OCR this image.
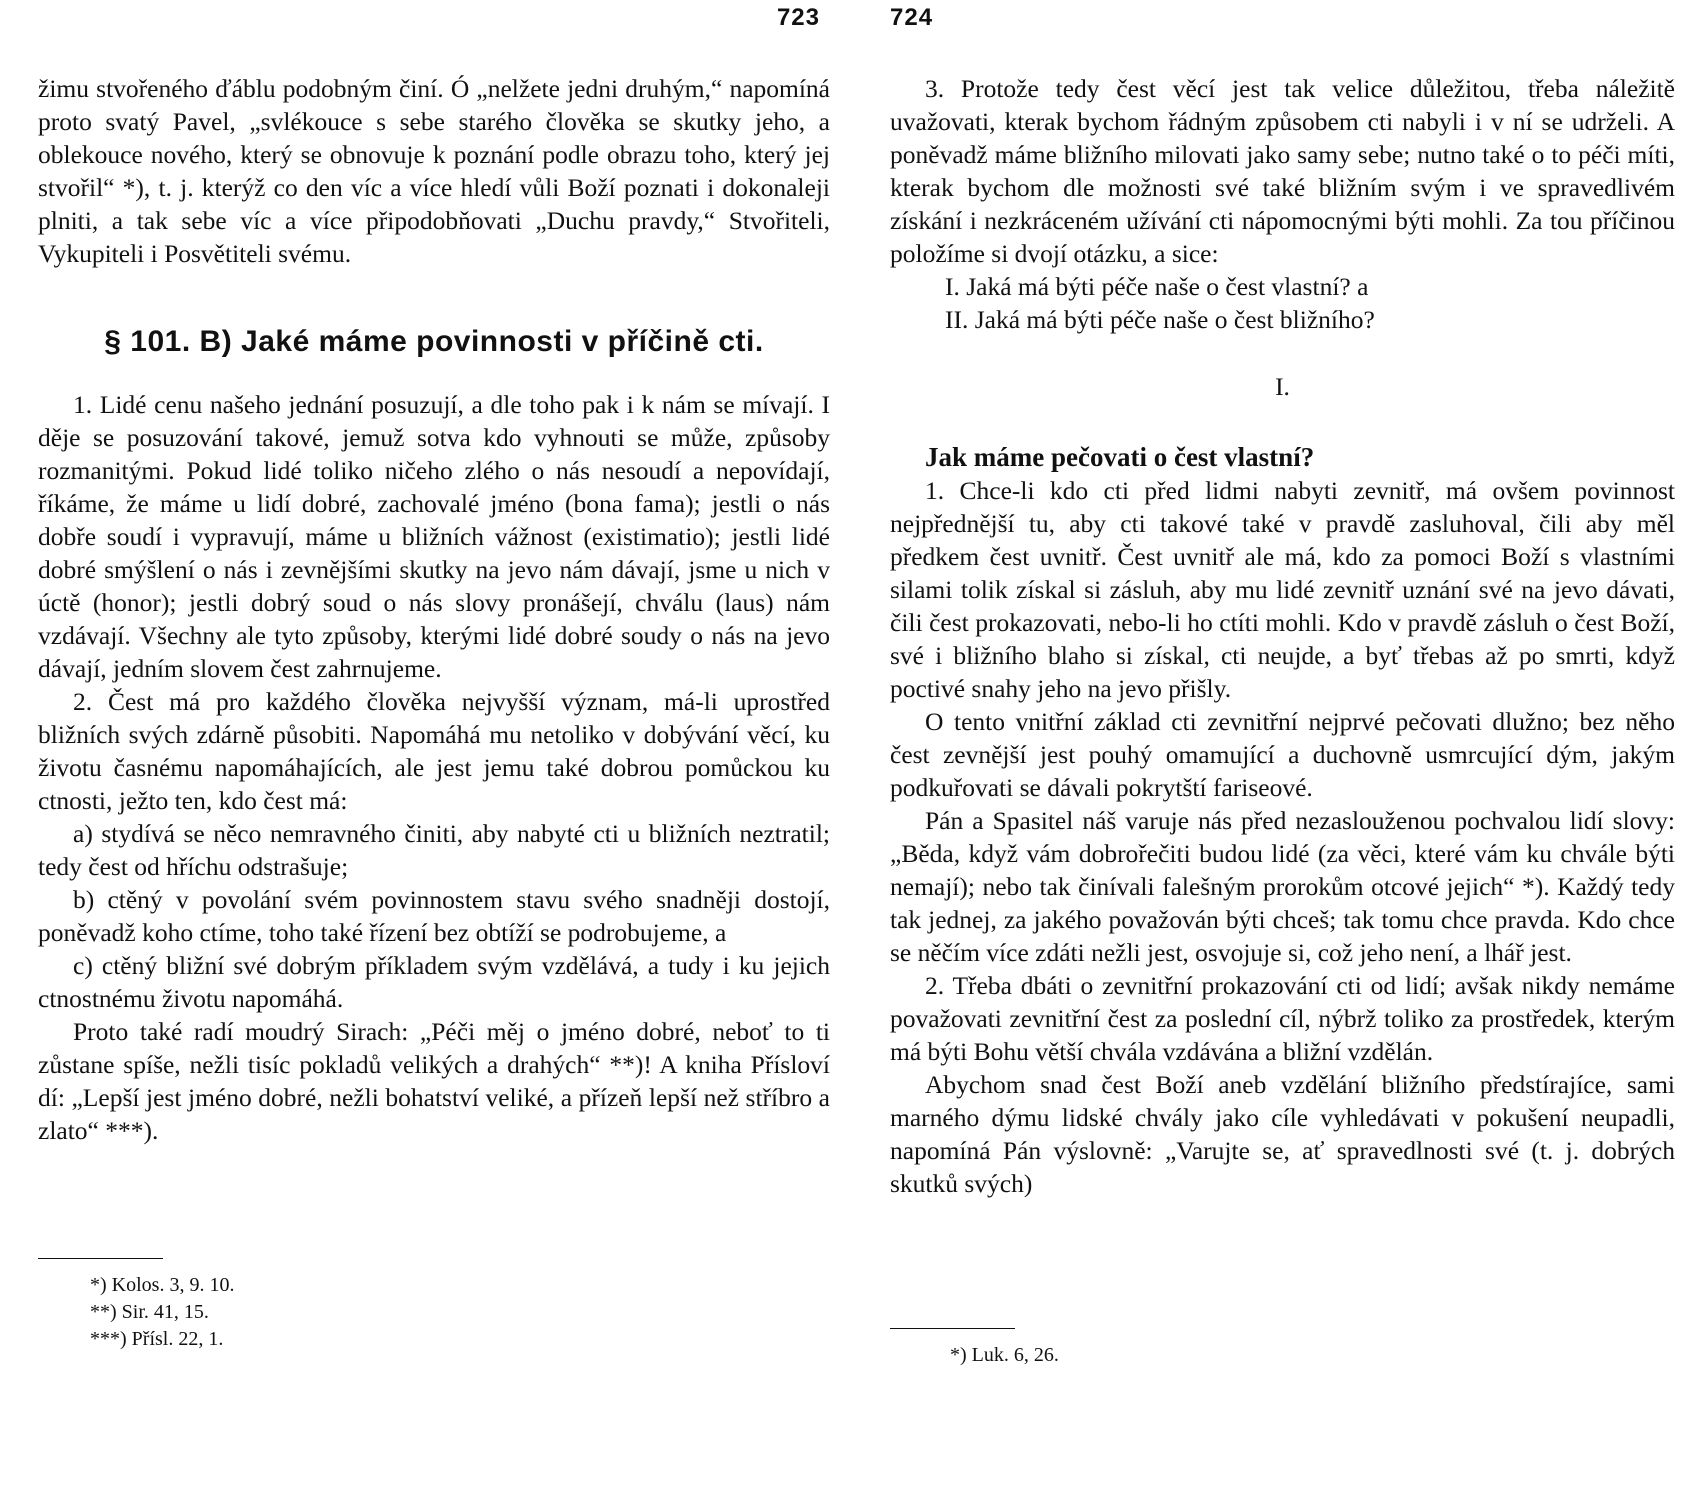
723

žimu stvořeného ďáblu podobným činí. Ó „nelžete jedni druhým,“ napomíná proto svatý Pavel, „svlékouce s sebe starého člověka se skutky jeho, a oblekouce nového, který se obnovuje k poznání podle obrazu toho, který jej stvořil“ *), t. j. kterýž co den víc a více hledí vůli Boží poznati i dokonaleji plniti, a tak sebe víc a více připodobňovati „Duchu pravdy,“ Stvořiteli, Vykupiteli i Posvětiteli svému.

§ 101. B) Jaké máme povinnosti v příčině cti.

1. Lidé cenu našeho jednání posuzují, a dle toho pak i k nám se mívají. I děje se posuzování takové, jemuž sotva kdo vyhnouti se může, způsoby rozmanitými. Pokud lidé toliko ničeho zlého o nás nesoudí a nepovídají, říkáme, že máme u lidí dobré, zachovalé jméno (bona fama); jestli o nás dobře soudí i vypravují, máme u bližních vážnost (existimatio); jestli lidé dobré smýšlení o nás i zevnějšími skutky na jevo nám dávají, jsme u nich v úctě (honor); jestli dobrý soud o nás slovy pronášejí, chválu (laus) nám vzdávají. Všechny ale tyto způsoby, kterými lidé dobré soudy o nás na jevo dávají, jedním slovem čest zahrnujeme.

2. Čest má pro každého člověka nejvyšší význam, má-li uprostřed bližních svých zdárně působiti. Napomáhá mu netoliko v dobývání věcí, ku životu časnému napomáhajících, ale jest jemu také dobrou pomůckou ku ctnosti, ježto ten, kdo čest má:

a) stydívá se něco nemravného činiti, aby nabyté cti u bližních neztratil; tedy čest od hříchu odstrašuje;

b) ctěný v povolání svém povinnostem stavu svého snadněji dostojí, poněvadž koho ctíme, toho také řízení bez obtíží se podrobujeme, a

c) ctěný bližní své dobrým příkladem svým vzdělává, a tudy i ku jejich ctnostnému životu napomáhá.

Proto také radí moudrý Sirach: „Péči měj o jméno dobré, neboť to ti zůstane spíše, nežli tisíc pokladů velikých a drahých“ **)! A kniha Přísloví dí: „Lepší jest jméno dobré, nežli bohatství veliké, a přízeň lepší než stříbro a zlato“ ***).

*) Kolos. 3, 9. 10.
**) Sir. 41, 15.
***) Přísl. 22, 1.
724

3. Protože tedy čest věcí jest tak velice důležitou, třeba náležitě uvažovati, kterak bychom řádným způsobem cti nabyli i v ní se udrželi. A poněvadž máme bližního milovati jako samy sebe; nutno také o to péči míti, kterak bychom dle možnosti své také bližním svým i ve spravedlivém získání i nezkráceném užívání cti nápomocnými býti mohli. Za tou příčinou položíme si dvojí otázku, a sice:

I. Jaká má býti péče naše o čest vlastní? a

II. Jaká má býti péče naše o čest bližního?

I.

Jak máme pečovati o čest vlastní?

1. Chce-li kdo cti před lidmi nabyti zevnitř, má ovšem povinnost nejpřednější tu, aby cti takové také v pravdě zasluhoval, čili aby měl předkem čest uvnitř. Čest uvnitř ale má, kdo za pomoci Boží s vlastními silami tolik získal si zásluh, aby mu lidé zevnitř uznání své na jevo dávati, čili čest prokazovati, nebo-li ho ctíti mohli. Kdo v pravdě zásluh o čest Boží, své i bližního blaho si získal, cti neujde, a byť třebas až po smrti, když poctivé snahy jeho na jevo přišly.

O tento vnitřní základ cti zevnitřní nejprvé pečovati dlužno; bez něho čest zevnější jest pouhý omamující a duchovně usmrcující dým, jakým podkuřovati se dávali pokrytští fariseové.

Pán a Spasitel náš varuje nás před nezaslouženou pochvalou lidí slovy: „Běda, když vám dobrořečiti budou lidé (za věci, které vám ku chvále býti nemají); nebo tak činívali falešným prorokům otcové jejich“ *). Každý tedy tak jednej, za jakého považován býti chceš; tak tomu chce pravda. Kdo chce se něčím více zdáti nežli jest, osvojuje si, což jeho není, a lhář jest.

2. Třeba dbáti o zevnitřní prokazování cti od lidí; avšak nikdy nemáme považovati zevnitřní čest za poslední cíl, nýbrž toliko za prostředek, kterým má býti Bohu větší chvála vzdávána a bližní vzdělán.

Abychom snad čest Boží aneb vzdělání bližního předstírajíce, sami marného dýmu lidské chvály jako cíle vyhledávati v pokušení neupadli, napomíná Pán výslovně: „Varujte se, ať spravedlnosti své (t. j. dobrých skutků svých)

*) Luk. 6, 26.
